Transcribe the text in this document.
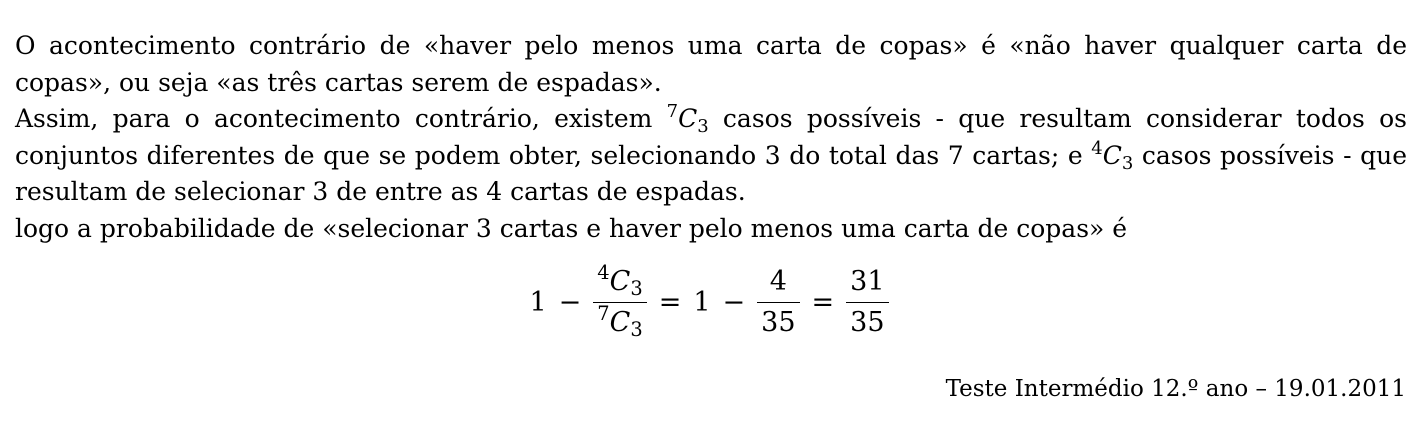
O acontecimento contrário de «haver pelo menos uma carta de copas» é «não haver qualquer carta de copas», ou seja «as três cartas serem de espadas».

Assim, para o acontecimento contrário, existem $^7C_3$ casos possíveis - que resultam considerar todos os conjuntos diferentes de que se podem obter, selecionando 3 do total das 7 cartas; e $^4C_3$ casos possíveis - que resultam de selecionar 3 de entre as 4 cartas de espadas.

logo a probabilidade de «selecionar 3 cartas e haver pelo menos uma carta de copas» é

$1 - \frac{^4C_3}{^7C_3} = 1 - \frac{4}{35} = \frac{31}{35}$
Teste Intermédio 12.º ano – 19.01.2011
